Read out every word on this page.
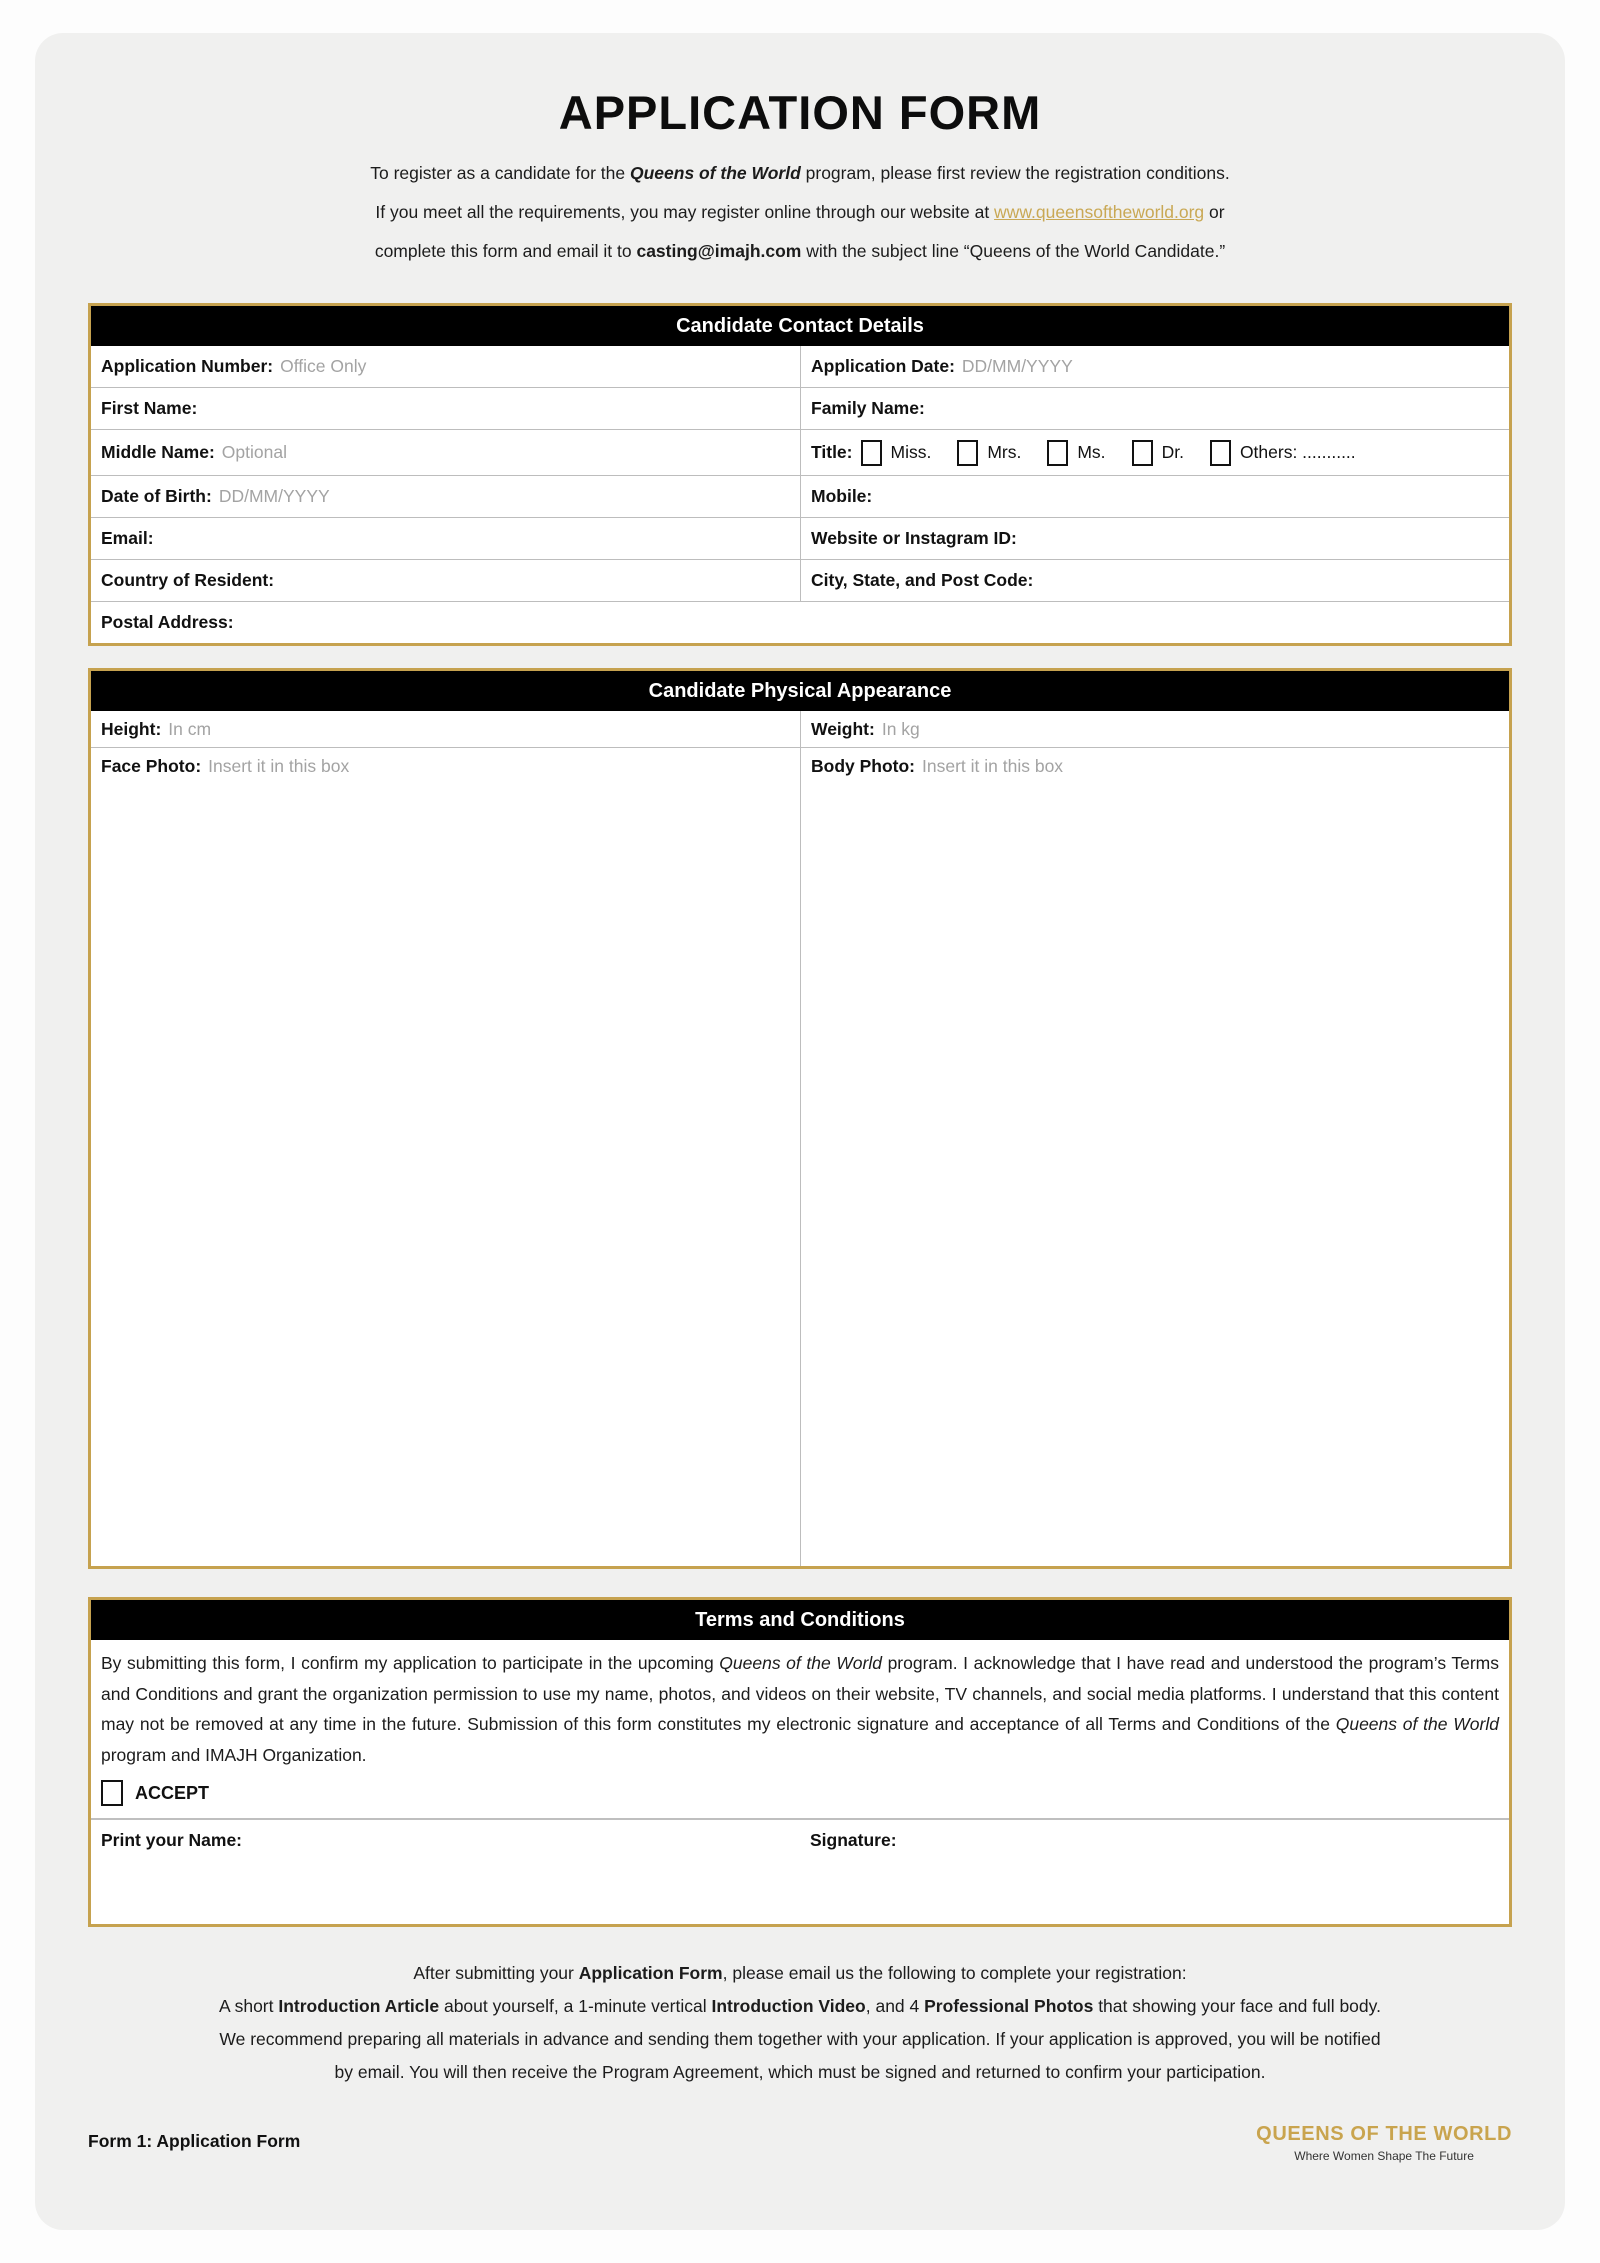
APPLICATION FORM
To register as a candidate for the Queens of the World program, please first review the registration conditions.
If you meet all the requirements, you may register online through our website at www.queensoftheworld.org or
complete this form and email it to casting@imajh.com with the subject line “Queens of the World Candidate.”
Candidate Contact Details
Application Number: Office Only	Application Date: DD/MM/YYYY
First Name:	Family Name:
Middle Name: Optional	Title: Miss.	Mrs.	Ms.	Dr.	Others: ...........
Date of Birth: DD/MM/YYYY	Mobile:
Email:	Website or Instagram ID:
Country of Resident:	City, State, and Post Code:
Postal Address:
Candidate Physical Appearance
Height: In cm	Weight: In kg
Face Photo: Insert it in this box	Body Photo: Insert it in this box
Terms and Conditions
By submitting this form, I confirm my application to participate in the upcoming Queens of the World program. I acknowledge that I have read and understood the program’s Terms and Conditions and grant the organization permission to use my name, photos, and videos on their website, TV channels, and social media platforms. I understand that this content may not be removed at any time in the future. Submission of this form constitutes my electronic signature and acceptance of all Terms and Conditions of the Queens of the World program and IMAJH Organization.
ACCEPT
Print your Name:	Signature:
After submitting your Application Form, please email us the following to complete your registration:
A short Introduction Article about yourself, a 1-minute vertical Introduction Video, and 4 Professional Photos that showing your face and full body.
We recommend preparing all materials in advance and sending them together with your application. If your application is approved, you will be notified
by email. You will then receive the Program Agreement, which must be signed and returned to confirm your participation.
Form 1: Application Form	QUEENS OF THE WORLD
Where Women Shape The Future
